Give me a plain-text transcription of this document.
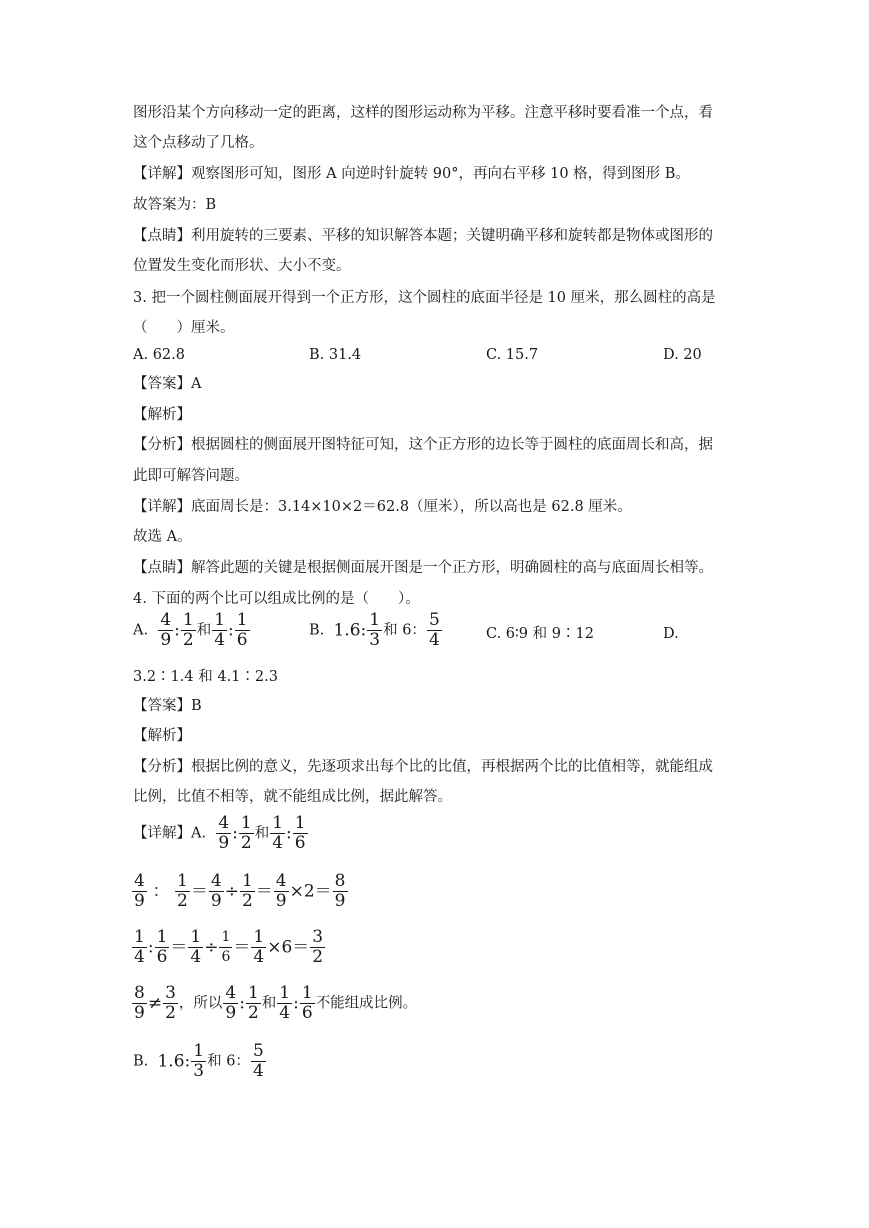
图形沿某个方向移动一定的距离，这样的图形运动称为平移。注意平移时要看准一个点，看
这个点移动了几格。
【详解】观察图形可知，图形 A 向逆时针旋转 90°，再向右平移 10 格，得到图形 B。
故答案为：B
【点睛】利用旋转的三要素、平移的知识解答本题；关键明确平移和旋转都是物体或图形的
位置发生变化而形状、大小不变。
3. 把一个圆柱侧面展开得到一个正方形，这个圆柱的底面半径是 10 厘米，那么圆柱的高是
（　　）厘米。
A. 62.8	B. 31.4	C. 15.7	D. 20
【答案】A
【解析】
【分析】根据圆柱的侧面展开图特征可知，这个正方形的边长等于圆柱的底面周长和高，据
此即可解答问题。
【详解】底面周长是：3.14×10×2＝62.8（厘米），所以高也是 62.8 厘米。
故选 A。
【点睛】解答此题的关键是根据侧面展开图是一个正方形，明确圆柱的高与底面周长相等。
4. 下面的两个比可以组成比例的是（　　）。
A. $\frac{4}{9}$ : $\frac{1}{2}$ 和 $\frac{1}{4}$ : $\frac{1}{6}$	B. 1.6: $\frac{1}{3}$ 和 6： $\frac{5}{4}$	C. 6∶9 和 9∶12	D.
3.2∶1.4 和 4.1∶2.3
【答案】B
【解析】
【分析】根据比例的意义，先逐项求出每个比的比值，再根据两个比的比值相等，就能组成
比例，比值不相等，就不能组成比例，据此解答。
【详解】A. $\frac{4}{9}$ : $\frac{1}{2}$ 和 $\frac{1}{4}$ : $\frac{1}{6}$
$\frac{4}{9}$ ： $\frac{1}{2} = \frac{4}{9} \div \frac{1}{2} = \frac{4}{9} \times 2= \frac{8}{9}$
$\frac{1}{4}$ : $\frac{1}{6} = \frac{1}{4} \div \frac{1}{6} = \frac{1}{4} \times 6= \frac{3}{2}$
$\frac{8}{9} \ne \frac{3}{2}$ ，所以 $\frac{4}{9}$ : $\frac{1}{2}$ 和 $\frac{1}{4}$ : $\frac{1}{6}$ 不能组成比例。
B. 1.6: $\frac{1}{3}$ 和 6： $\frac{5}{4}$
